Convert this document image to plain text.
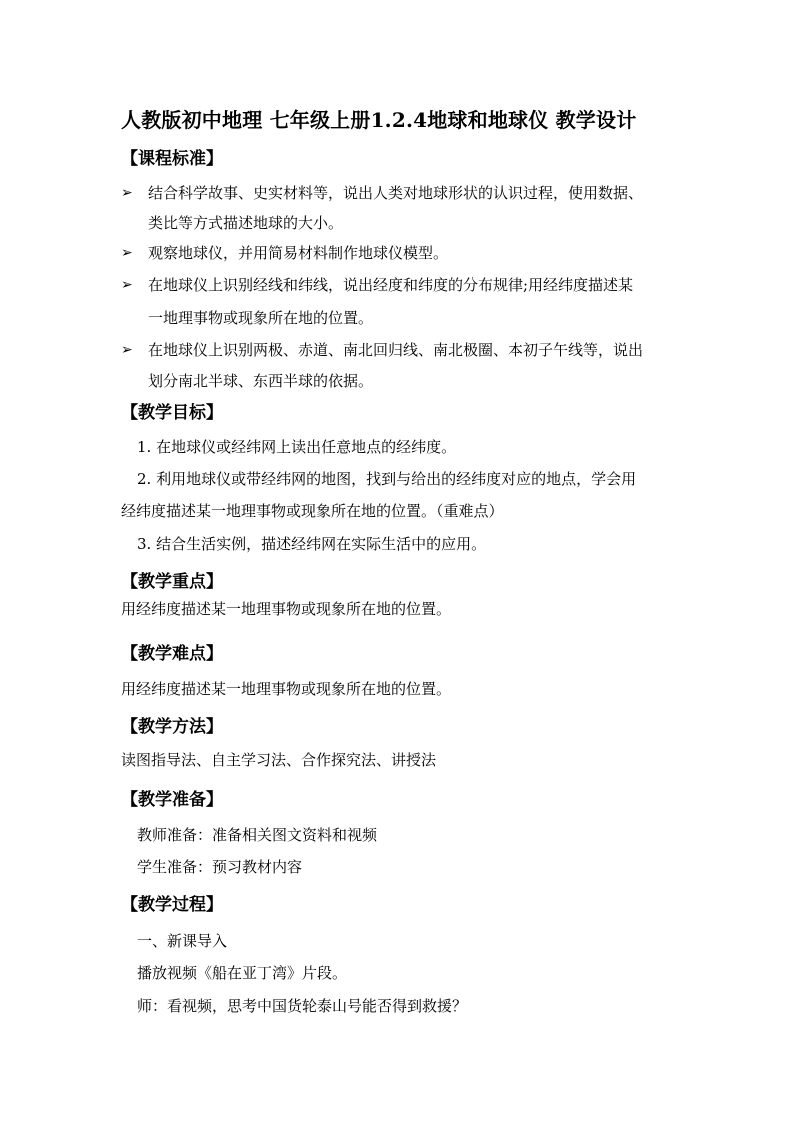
人教版初中地理 七年级上册1.2.4地球和地球仪 教学设计
【课程标准】
➢ 结合科学故事、史实材料等，说出人类对地球形状的认识过程，使用数据、
类比等方式描述地球的大小。
➢ 观察地球仪，并用简易材料制作地球仪模型。
➢ 在地球仪上识别经线和纬线，说出经度和纬度的分布规律;用经纬度描述某
一地理事物或现象所在地的位置。
➢ 在地球仪上识别两极、赤道、南北回归线、南北极圈、本初子午线等，说出
划分南北半球、东西半球的依据。
【教学目标】
1. 在地球仪或经纬网上读出任意地点的经纬度。
2. 利用地球仪或带经纬网的地图，找到与给出的经纬度对应的地点，学会用
经纬度描述某一地理事物或现象所在地的位置。（重难点）
3. 结合生活实例，描述经纬网在实际生活中的应用。
【教学重点】
用经纬度描述某一地理事物或现象所在地的位置。
【教学难点】
用经纬度描述某一地理事物或现象所在地的位置。
【教学方法】
读图指导法、自主学习法、合作探究法、讲授法
【教学准备】
教师准备：准备相关图文资料和视频
学生准备：预习教材内容
【教学过程】
一、新课导入
播放视频《船在亚丁湾》片段。
师：看视频，思考中国货轮泰山号能否得到救援？
